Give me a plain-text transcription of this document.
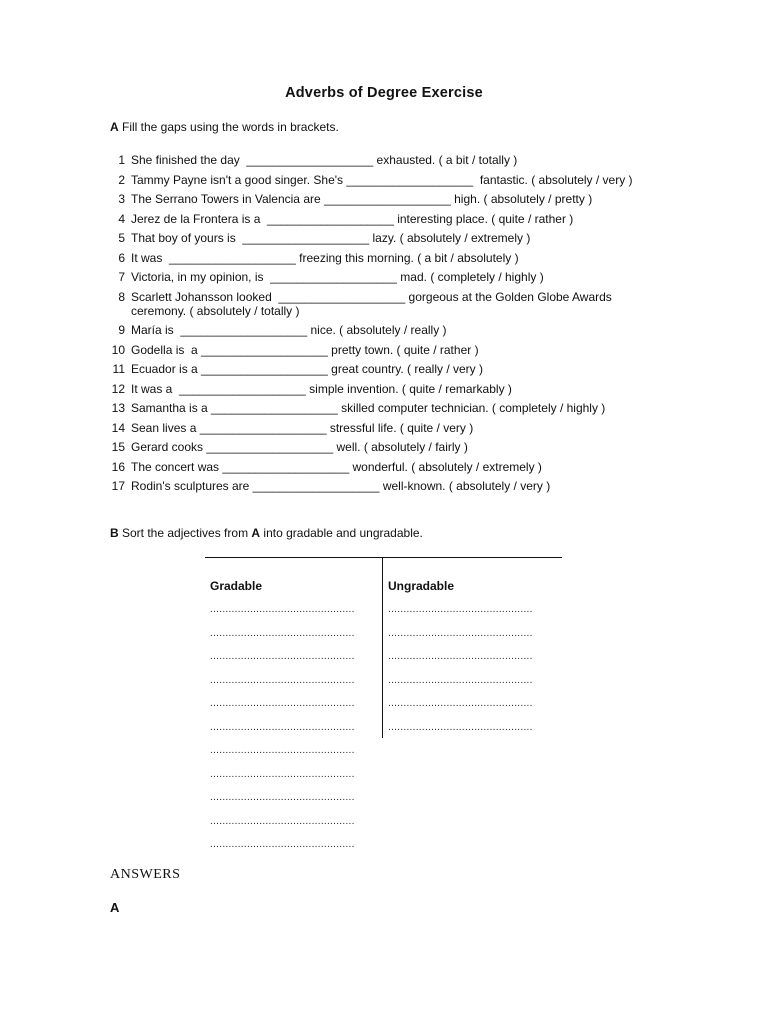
Adverbs of Degree Exercise
A Fill the gaps using the words in brackets.
1 She finished the day  ___________________ exhausted. ( a bit / totally )
2 Tammy Payne isn't a good singer. She's ___________________  fantastic. ( absolutely / very )
3 The Serrano Towers in Valencia are ___________________ high. ( absolutely / pretty )
4 Jerez de la Frontera is a  ___________________ interesting place. ( quite / rather )
5 That boy of yours is  ___________________ lazy. ( absolutely / extremely )
6 It was  ___________________ freezing this morning. ( a bit / absolutely )
7 Victoria, in my opinion, is  ___________________ mad. ( completely / highly )
8 Scarlett Johansson looked  ___________________ gorgeous at the Golden Globe Awards ceremony. ( absolutely / totally )
9 María is  ___________________ nice. ( absolutely / really )
10 Godella is  a ___________________ pretty town. ( quite / rather )
11 Ecuador is a ___________________ great country. ( really / very )
12 It was a  ___________________ simple invention. ( quite / remarkably )
13 Samantha is a ___________________ skilled computer technician. ( completely / highly )
14 Sean lives a ___________________ stressful life. ( quite / very )
15 Gerard cooks ___________________ well. ( absolutely / fairly )
16 The concert was ___________________ wonderful. ( absolutely / extremely )
17 Rodin's sculptures are ___________________ well-known. ( absolutely / very )
B Sort the adjectives from A into gradable and ungradable.
Gradable	Ungradable
...............................................
...............................................
...............................................
...............................................
...............................................
...............................................
...............................................
...............................................
...............................................
...............................................
...............................................
...............................................
...............................................
...............................................
...............................................
...............................................
...............................................
ANSWERS
A
